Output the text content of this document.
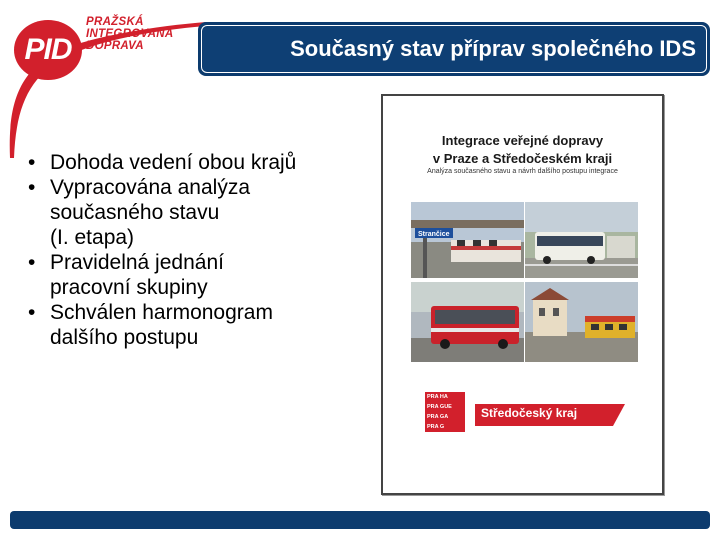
PID
PRAŽSKÁ
INTEGROVANÁ
DOPRAVA	Současný stav příprav společného IDS
• Dohoda vedení obou krajů
• Vypracována analýza
současného stavu
(I. etapa)
• Pravidelná jednání
pracovní skupiny
• Schválen harmonogram
dalšího postupu
Integrace veřejné dopravy
v Praze a Středočeském kraji
Analýza současného stavu a návrh dalšího postupu integrace
Strančice
PRA HA
PRA GUE
PRA GA
PRA G
Středočeský kraj
